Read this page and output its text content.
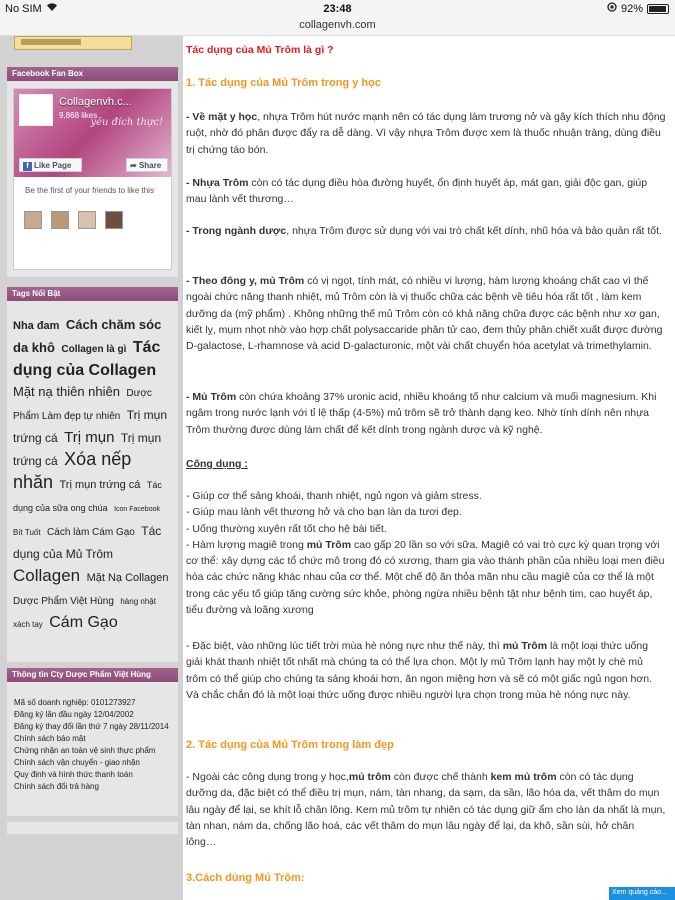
No SIM	23:48	92%
collagenvh.com
Facebook Fan Box
Collagenvh.c...
9,868 likes
yêu đích thực!
f Like Page	➦ Share
Be the first of your friends to like this
Tags Nổi Bật
Nha đam Cách chăm sóc da khô Collagen là gì Tác dụng của Collagen Mặt nạ thiên nhiên Dược Phẩm Làm đẹp tự nhiên Trị mụn trứng cá Trị mụn Trị mụn trứng cá Xóa nếp nhăn Trị mụn trứng cá Tác dụng của sữa ong chúa Icon Facebook Bít Tuốt Cách làm Cám Gạo Tác dụng của Mủ Trôm Collagen Mặt Nạ Collagen Dược Phẩm Việt Hùng hàng nhật xách tay Cám Gạo
Thông tin Cty Dược Phẩm Việt Hùng
Mã số doanh nghiệp: 0101273927
Đăng ký lần đầu ngày 12/04/2002
Đăng ký thay đổi lần thứ 7 ngày 28/11/2014
Chính sách bảo mật
Chứng nhận an toàn vệ sinh thực phẩm
Chính sách vận chuyển - giao nhận
Quy định và hình thức thanh toán
Chính sách đổi trả hàng
Tác dụng của Mủ Trôm là gì ?
1. Tác dụng của Mủ Trôm trong y học
- Về mặt y học, nhựa Trôm hút nước mạnh nên có tác dụng làm trương nở và gây kích thích nhu động ruột, nhờ đó phân được đẩy ra dễ dàng. Vì vậy nhựa Trôm được xem là thuốc nhuận tràng, dùng điều trị chứng táo bón.
- Nhựa Trôm còn có tác dụng điều hòa đường huyết, ổn định huyết áp, mát gan, giải độc gan, giúp mau lành vết thương…
- Trong ngành dược, nhựa Trôm được sử dụng với vai trò chất kết dính, nhũ hóa và bảo quản rất tốt.
- Theo đông y, mủ Trôm có vị ngọt, tính mát, có nhiều vi lượng, hàm lượng khoáng chất cao vì thế ngoài chức năng thanh nhiệt, mủ Trôm còn là vị thuốc chữa các bệnh về tiêu hóa rất tốt , làm kem dưỡng da (mỹ phẩm) . Không những thế mủ Trôm còn có khả năng chữa được các bệnh như xơ gan, kiết lỵ, mụm nhọt nhờ vào hợp chất polysaccaride phân tử cao, đem thủy phân chiết xuất được đường D-galactose, L-rhamnose và acid D-galacturonic, một vài chất chuyển hóa acetylat và trimethylamin.
- Mủ Trôm còn chứa khoảng 37% uronic acid, nhiều khoáng tố như calcium và muối magnesium. Khi ngâm trong nước lạnh với tỉ lệ thấp (4-5%) mủ trôm sẽ trở thành dạng keo. Nhờ tính dính nên nhựa Trôm thường được dùng làm chất để kết dính trong ngành dược và kỹ nghệ.
Công dụng :
- Giúp cơ thể sảng khoái, thanh nhiệt, ngủ ngon và giảm stress.
- Giúp mau lành vết thương hở và cho bạn làn da tươi đẹp.
- Uống thường xuyên rất tốt cho hệ bài tiết.
- Hàm lượng magiê trong mủ Trôm cao gấp 20 lần so với sữa. Magiê có vai trò cực kỳ quan trọng với cơ thể: xây dựng các tổ chức mô trong đó có xương, tham gia vào thành phần của nhiều loại men điều hòa các chức năng khác nhau của cơ thể. Một chế độ ăn thỏa mãn nhu cầu magiê của cơ thể là một trong các yếu tố giúp tăng cường sức khỏe, phòng ngừa nhiều bệnh tật như bệnh tim, cao huyết áp, tiểu đường và loãng xương
- Đặc biệt, vào những lúc tiết trời mùa hè nóng nực như thế này, thì mủ Trôm là một loại thức uống giải khát thanh nhiệt tốt nhất mà chúng ta có thể lựa chọn. Một ly mủ Trôm lạnh hay một ly chè mủ trôm có thể giúp cho chúng ta sảng khoái hơn, ăn ngon miệng hơn và sẽ có một giấc ngủ ngon hơn. Và chắc chắn đó là một loại thức uống được nhiều người lựa chọn trong mùa hè nóng nực này.
2. Tác dụng của Mủ Trôm trong làm đẹp
- Ngoài các công dụng trong y học,mủ trôm còn được chế thành kem mủ trôm còn có tác dụng dưỡng da, đặc biệt có thể điều trị mụn, nám, tàn nhang, da sạm, da sần, lão hóa da, vết thâm do mụn lâu ngày để lại, se khít lỗ chân lông. Kem mủ trôm tự nhiên có tác dụng giữ ẩm cho làn da nhất là mụn, tàn nhan, nám da, chống lão hoá, các vết thâm do mụn lâu ngày để lại, da khô, sần sùi, hở chân lông…
3.Cách dùng Mủ Trôm:
Xem quảng cáo...
